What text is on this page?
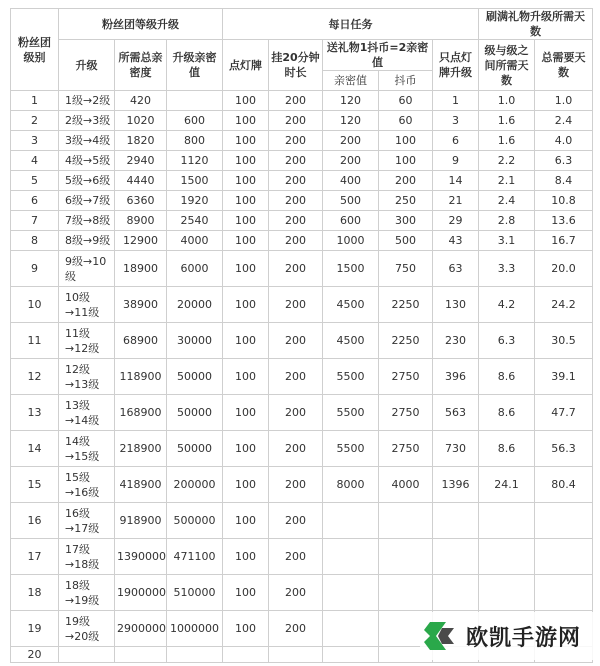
粉丝团级别	粉丝团等级升级			每日任务					刷满礼物升级所需天数	
	升级	所需总亲密度	升级亲密值	点灯牌	挂20分钟时长	送礼物1抖币=2亲密值		只点灯牌升级	级与级之间所需天数	总需要天数
						亲密值	抖币			
1	1级→2级	420		100	200	120	60	1	1.0	1.0
2	2级→3级	1020	600	100	200	120	60	3	1.6	2.4
3	3级→4级	1820	800	100	200	200	100	6	1.6	4.0
4	4级→5级	2940	1120	100	200	200	100	9	2.2	6.3
5	5级→6级	4440	1500	100	200	400	200	14	2.1	8.4
6	6级→7级	6360	1920	100	200	500	250	21	2.4	10.8
7	7级→8级	8900	2540	100	200	600	300	29	2.8	13.6
8	8级→9级	12900	4000	100	200	1000	500	43	3.1	16.7
9	9级→10级	18900	6000	100	200	1500	750	63	3.3	20.0
10	10级→11级	38900	20000	100	200	4500	2250	130	4.2	24.2
11	11级→12级	68900	30000	100	200	4500	2250	230	6.3	30.5
12	12级→13级	118900	50000	100	200	5500	2750	396	8.6	39.1
13	13级→14级	168900	50000	100	200	5500	2750	563	8.6	47.7
14	14级→15级	218900	50000	100	200	5500	2750	730	8.6	56.3
15	15级→16级	418900	200000	100	200	8000	4000	1396	24.1	80.4
16	16级→17级	918900	500000	100	200					
17	17级→18级	1390000	471100	100	200					
18	18级→19级	1900000	510000	100	200					
19	19级→20级	2900000	1000000	100	200					
20										
欧凯手游网
